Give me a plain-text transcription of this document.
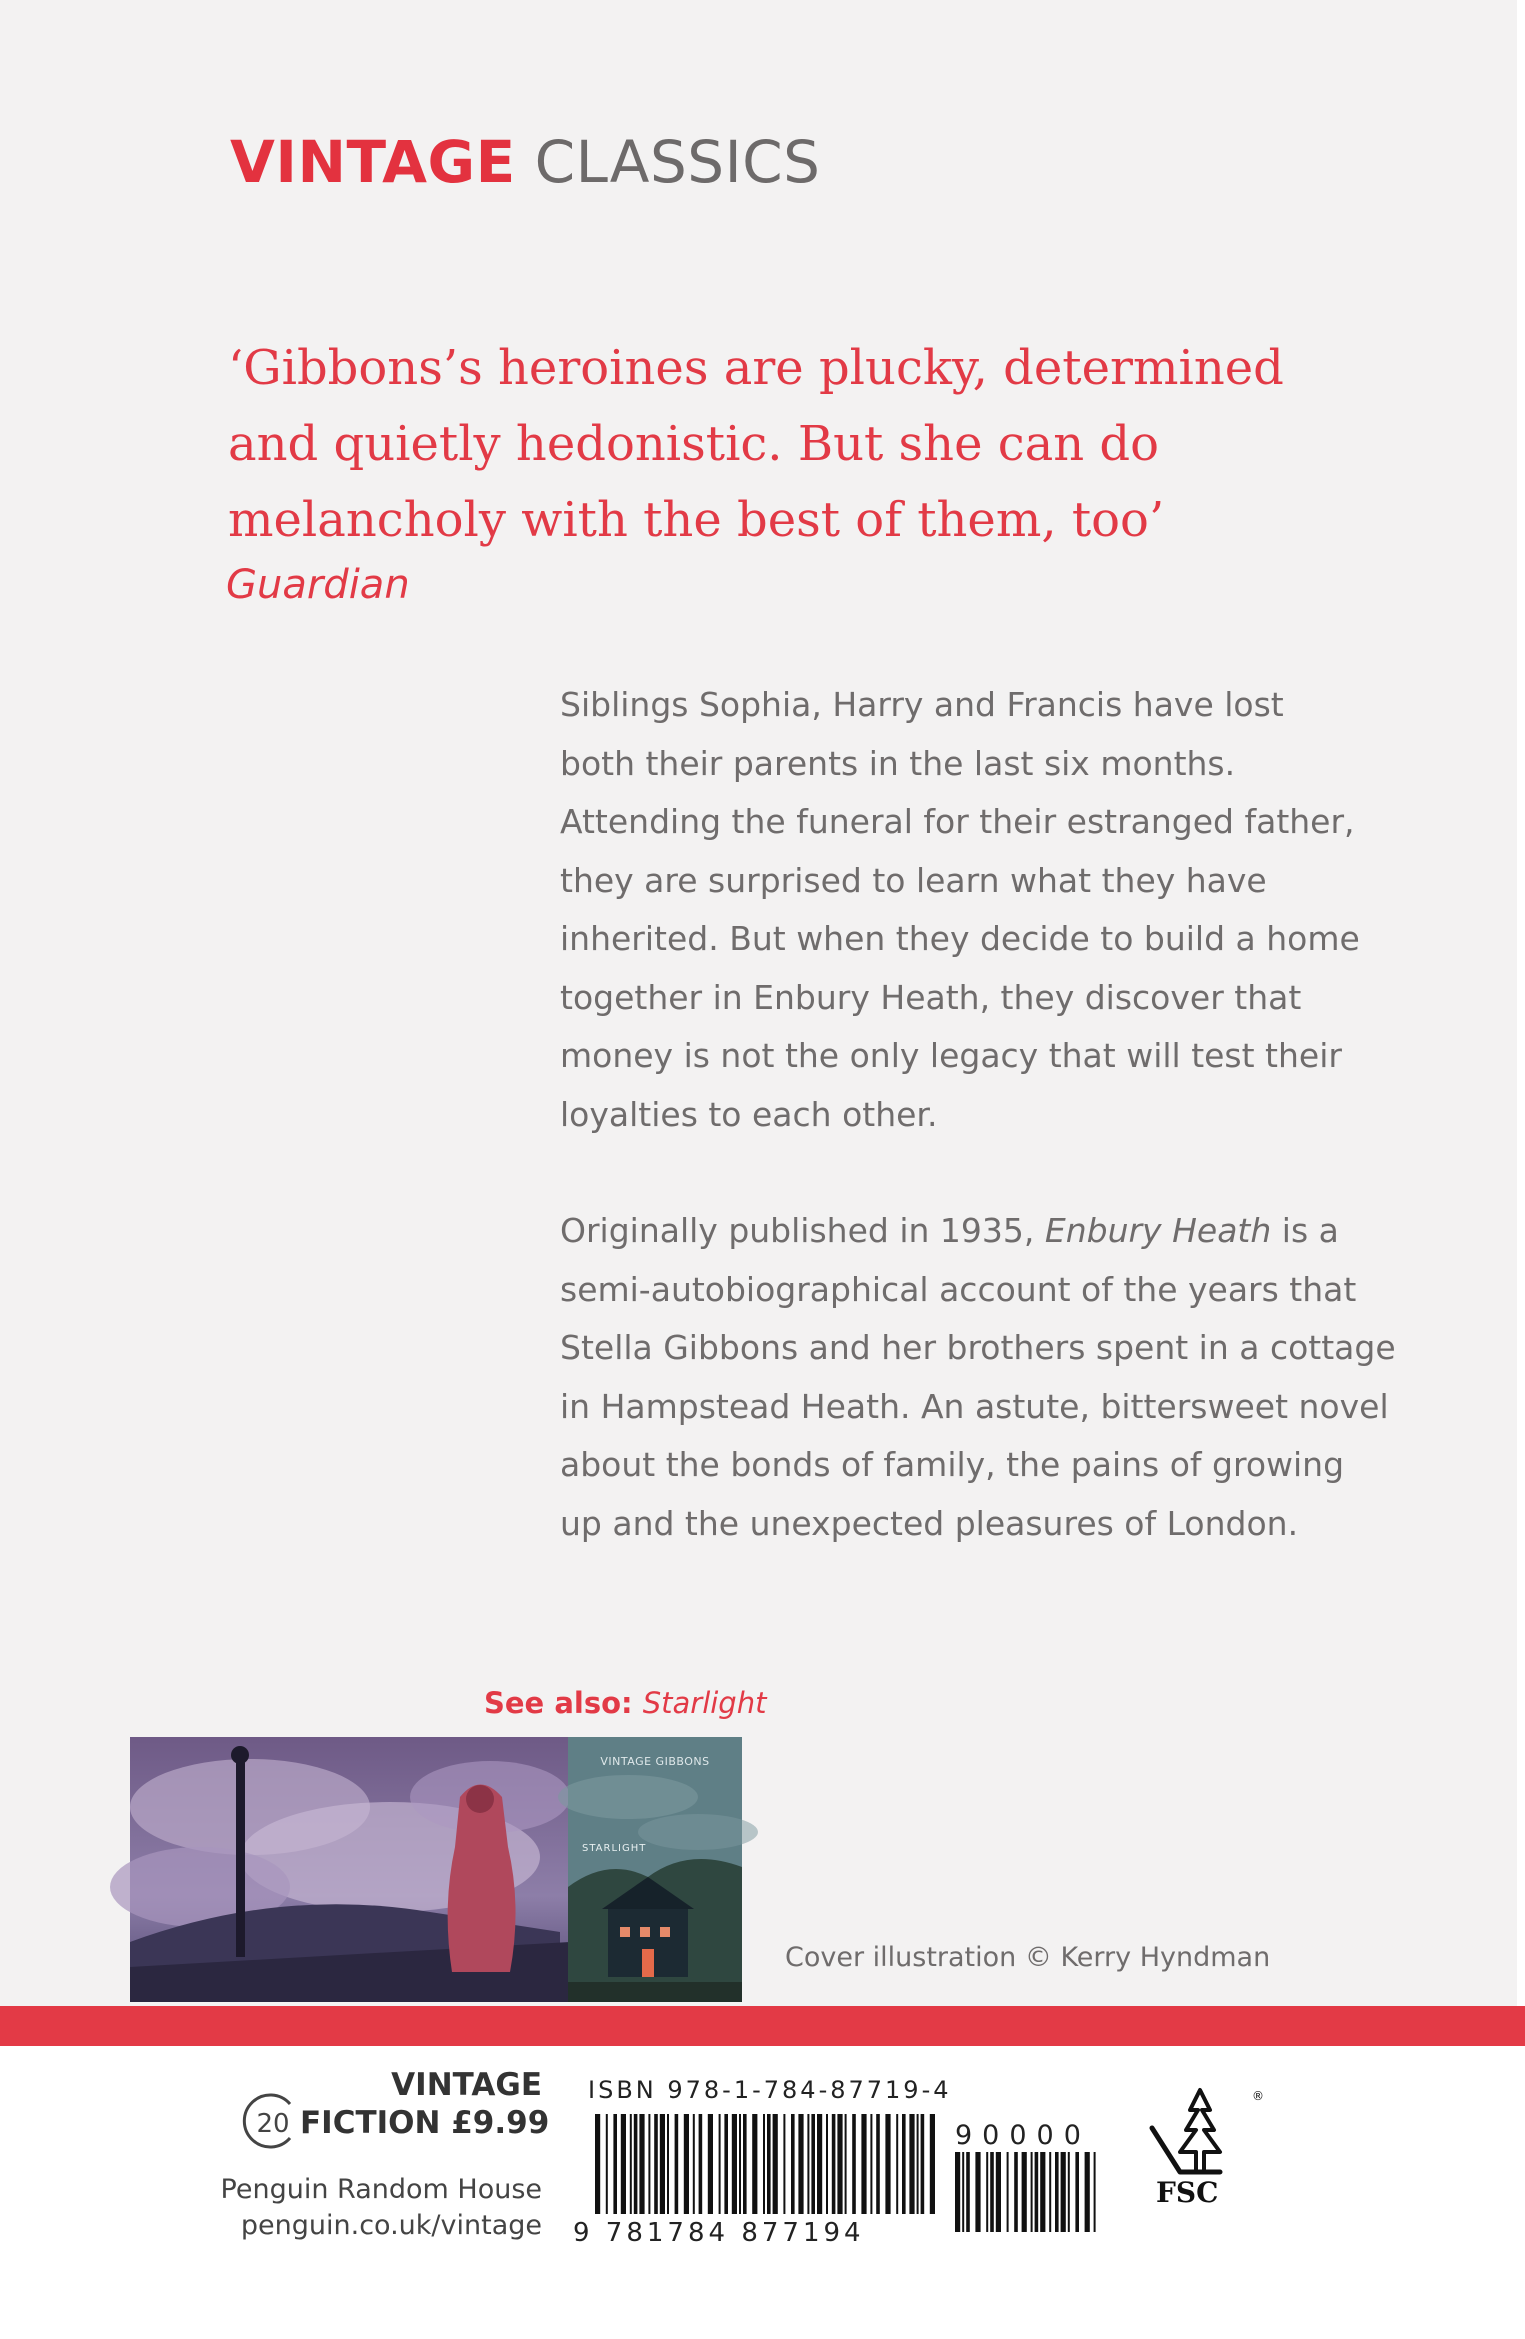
VINTAGE CLASSICS

‘Gibbons’s heroines are plucky, determined

and quietly hedonistic. But she can do

melancholy with the best of them, too’

Guardian

Siblings Sophia, Harry and Francis have lost

both their parents in the last six months.

Attending the funeral for their estranged father,

they are surprised to learn what they have

inherited. But when they decide to build a home

together in Enbury Heath, they discover that

money is not the only legacy that will test their

loyalties to each other.

Originally published in 1935, Enbury Heath is a

semi-autobiographical account of the years that

Stella Gibbons and her brothers spent in a cottage

in Hampstead Heath. An astute, bittersweet novel

about the bonds of family, the pains of growing

up and the unexpected pleasures of London.

See also: Starlight
VINTAGE GIBBONS
STARLIGHT
Cover illustration © Kerry Hyndman
20
VINTAGE
FICTION £9.99
Penguin Random House
penguin.co.uk/vintage
ISBN 978-1-784-87719-4
9 781784 877194
90000
®
FSC
